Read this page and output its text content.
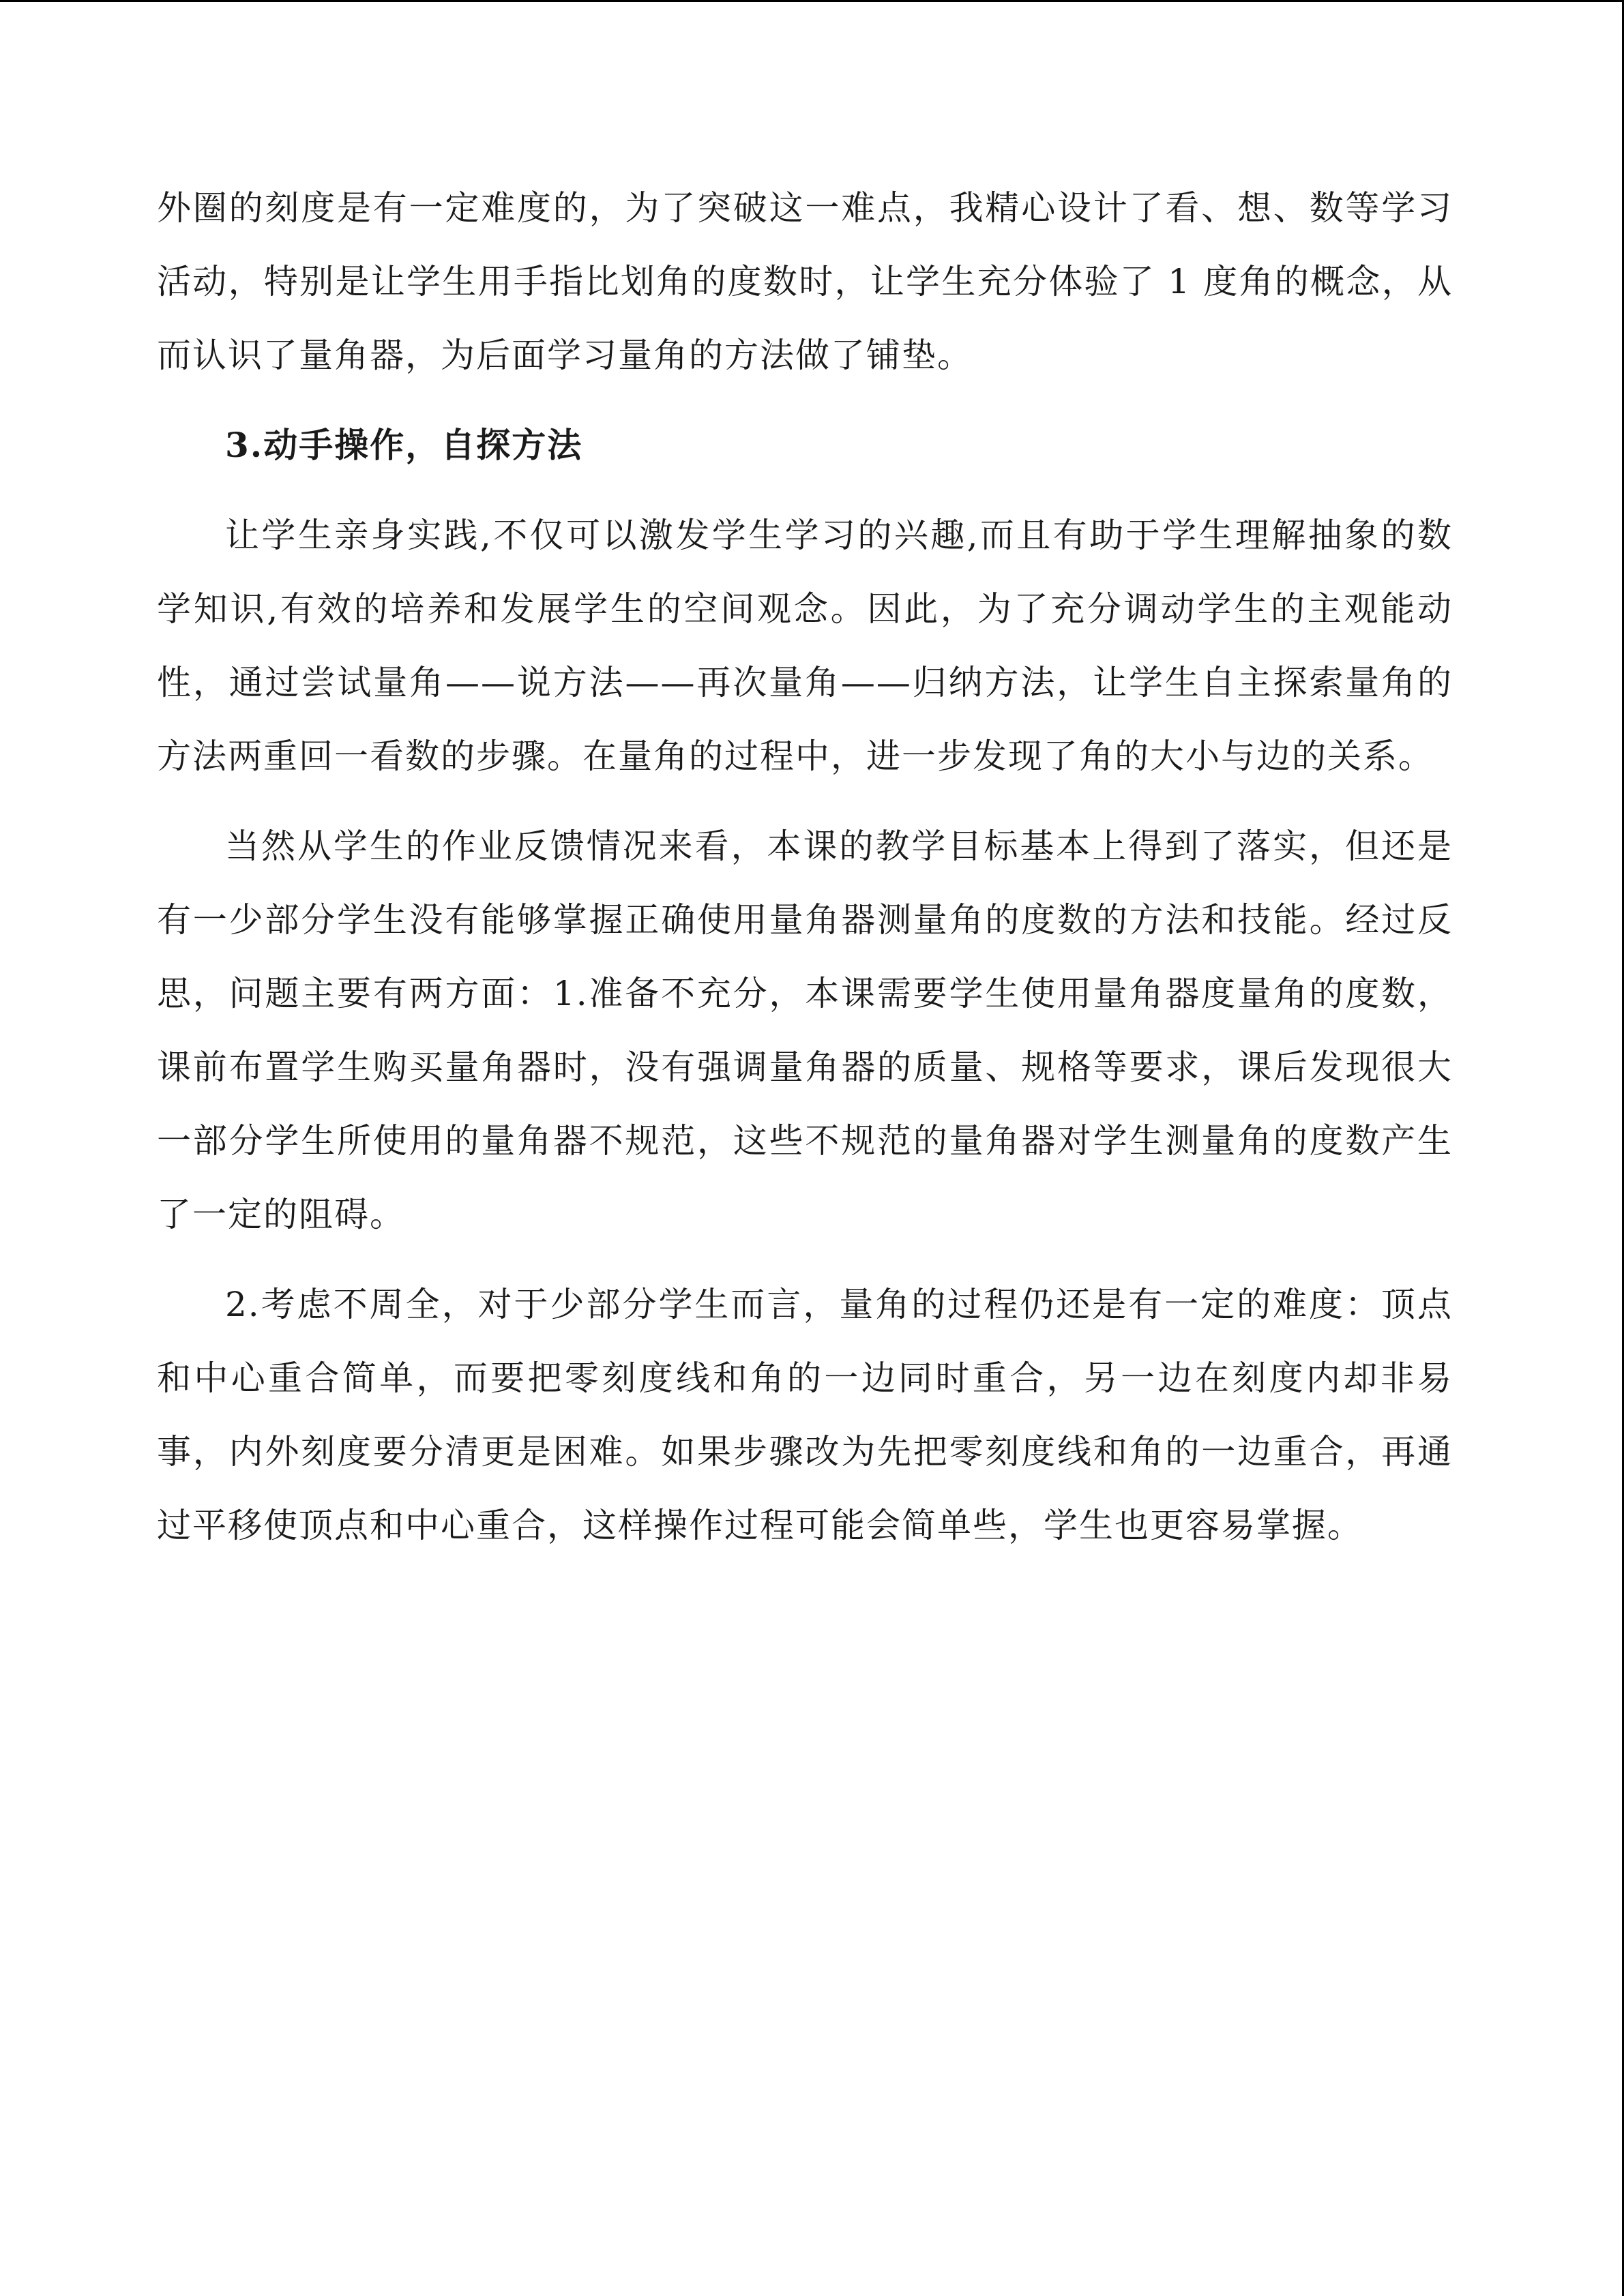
外圈的刻度是有一定难度的，为了突破这一难点，我精心设计了看、想、数等学习活动，特别是让学生用手指比划角的度数时，让学生充分体验了 1 度角的概念，从而认识了量角器，为后面学习量角的方法做了铺垫。

3.动手操作，自探方法

让学生亲身实践,不仅可以激发学生学习的兴趣,而且有助于学生理解抽象的数学知识,有效的培养和发展学生的空间观念。因此，为了充分调动学生的主观能动性，通过尝试量角——说方法——再次量角——归纳方法，让学生自主探索量角的方法两重回一看数的步骤。在量角的过程中，进一步发现了角的大小与边的关系。

当然从学生的作业反馈情况来看，本课的教学目标基本上得到了落实，但还是有一少部分学生没有能够掌握正确使用量角器测量角的度数的方法和技能。经过反思，问题主要有两方面：1.准备不充分，本课需要学生使用量角器度量角的度数，课前布置学生购买量角器时，没有强调量角器的质量、规格等要求，课后发现很大一部分学生所使用的量角器不规范，这些不规范的量角器对学生测量角的度数产生了一定的阻碍。

2.考虑不周全，对于少部分学生而言，量角的过程仍还是有一定的难度：顶点和中心重合简单，而要把零刻度线和角的一边同时重合，另一边在刻度内却非易事，内外刻度要分清更是困难。如果步骤改为先把零刻度线和角的一边重合，再通过平移使顶点和中心重合，这样操作过程可能会简单些，学生也更容易掌握。
